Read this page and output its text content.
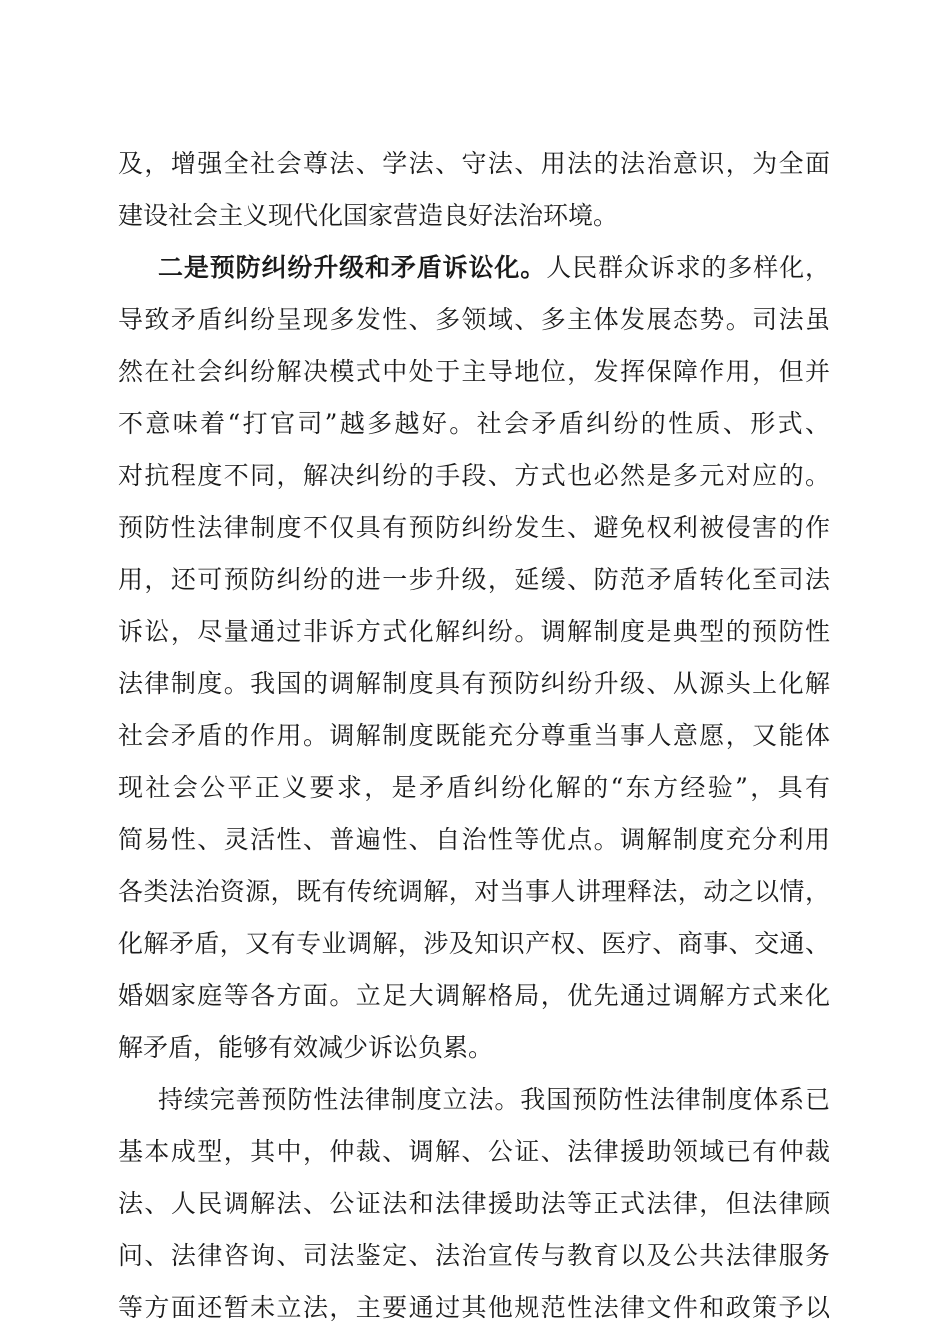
及，增强全社会尊法、学法、守法、用法的法治意识，为全面
建设社会主义现代化国家营造良好法治环境。
二是预防纠纷升级和矛盾诉讼化。人民群众诉求的多样化，
导致矛盾纠纷呈现多发性、多领域、多主体发展态势。司法虽
然在社会纠纷解决模式中处于主导地位，发挥保障作用，但并
不意味着“打官司”越多越好。社会矛盾纠纷的性质、形式、
对抗程度不同，解决纠纷的手段、方式也必然是多元对应的。
预防性法律制度不仅具有预防纠纷发生、避免权利被侵害的作
用，还可预防纠纷的进一步升级，延缓、防范矛盾转化至司法
诉讼，尽量通过非诉方式化解纠纷。调解制度是典型的预防性
法律制度。我国的调解制度具有预防纠纷升级、从源头上化解
社会矛盾的作用。调解制度既能充分尊重当事人意愿，又能体
现社会公平正义要求，是矛盾纠纷化解的“东方经验”，具有
简易性、灵活性、普遍性、自治性等优点。调解制度充分利用
各类法治资源，既有传统调解，对当事人讲理释法，动之以情，
化解矛盾，又有专业调解，涉及知识产权、医疗、商事、交通、
婚姻家庭等各方面。立足大调解格局，优先通过调解方式来化
解矛盾，能够有效减少诉讼负累。
持续完善预防性法律制度立法。我国预防性法律制度体系已
基本成型，其中，仲裁、调解、公证、法律援助领域已有仲裁
法、人民调解法、公证法和法律援助法等正式法律，但法律顾
问、法律咨询、司法鉴定、法治宣传与教育以及公共法律服务
等方面还暂未立法，主要通过其他规范性法律文件和政策予以
